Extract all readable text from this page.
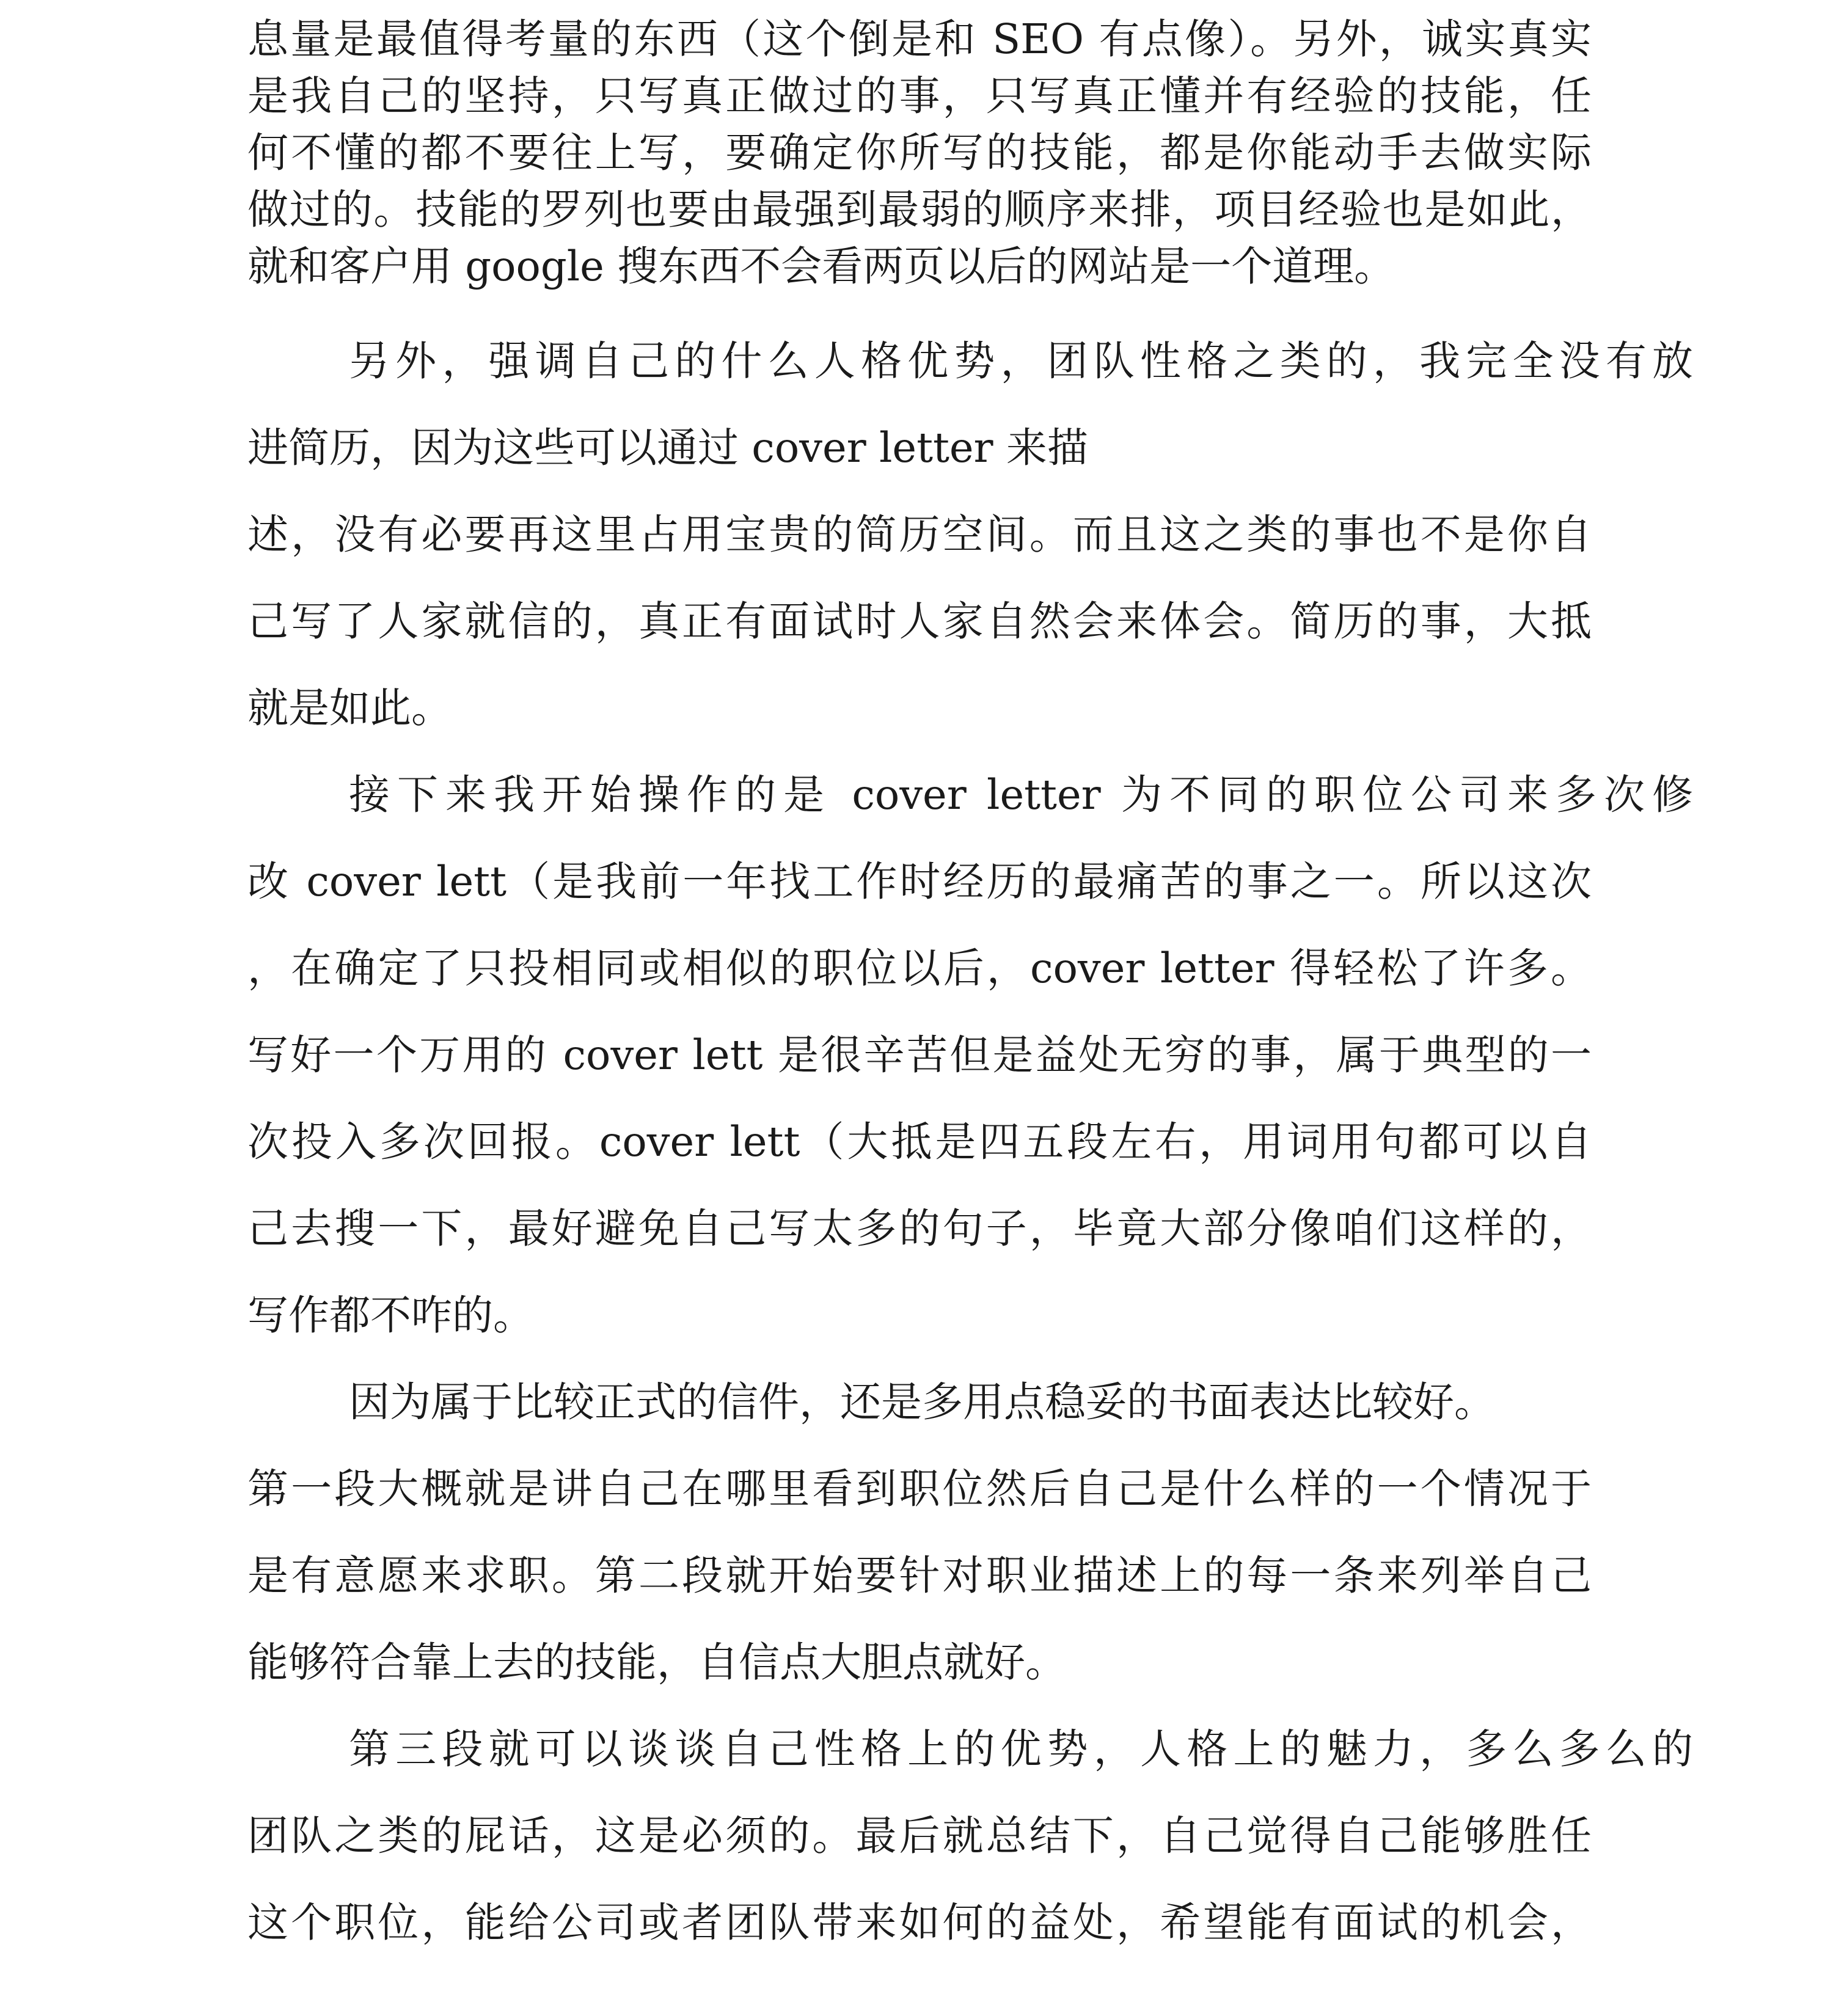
息量是最值得考量的东西（这个倒是和 SEO 有点像）。另外，诚实真实
是我自己的坚持，只写真正做过的事，只写真正懂并有经验的技能，任
何不懂的都不要往上写，要确定你所写的技能，都是你能动手去做实际
做过的。技能的罗列也要由最强到最弱的顺序来排，项目经验也是如此，
就和客户用 google 搜东西不会看两页以后的网站是一个道理。
另外，强调自己的什么人格优势，团队性格之类的，我完全没有放
进简历，因为这些可以通过 cover letter 来描
述，没有必要再这里占用宝贵的简历空间。而且这之类的事也不是你自
己写了人家就信的，真正有面试时人家自然会来体会。简历的事，大抵
就是如此。
接下来我开始操作的是 cover letter 为不同的职位公司来多次修
改 cover lett（是我前一年找工作时经历的最痛苦的事之一。所以这次
，在确定了只投相同或相似的职位以后，cover letter 得轻松了许多。
写好一个万用的 cover lett 是很辛苦但是益处无穷的事，属于典型的一
次投入多次回报。cover lett（大抵是四五段左右，用词用句都可以自
己去搜一下，最好避免自己写太多的句子，毕竟大部分像咱们这样的，
写作都不咋的。
因为属于比较正式的信件，还是多用点稳妥的书面表达比较好。
第一段大概就是讲自己在哪里看到职位然后自己是什么样的一个情况于
是有意愿来求职。第二段就开始要针对职业描述上的每一条来列举自己
能够符合靠上去的技能，自信点大胆点就好。
第三段就可以谈谈自己性格上的优势，人格上的魅力，多么多么的
团队之类的屁话，这是必须的。最后就总结下，自己觉得自己能够胜任
这个职位，能给公司或者团队带来如何的益处，希望能有面试的机会，
